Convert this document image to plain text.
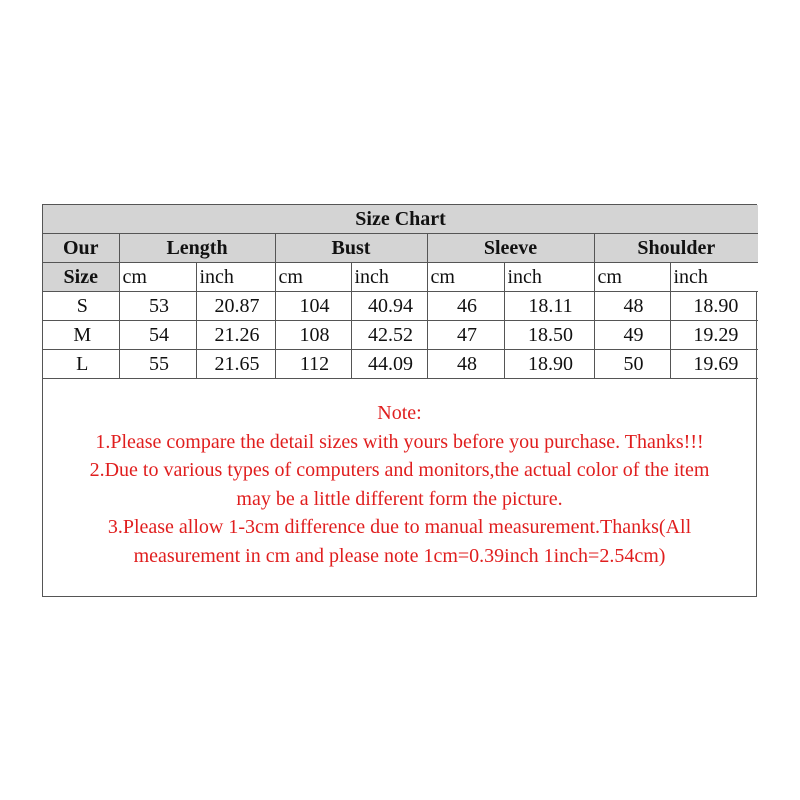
Size Chart								
Our	Length		Bust		Sleeve		Shoulder	
Size	cm	inch	cm	inch	cm	inch	cm	inch
S	53	20.87	104	40.94	46	18.11	48	18.90
M	54	21.26	108	42.52	47	18.50	49	19.29
L	55	21.65	112	44.09	48	18.90	50	19.69
Note:
1.Please compare the detail sizes with yours before you purchase. Thanks!!!
2.Due to various types of computers and monitors,the actual color of the item
may be a little different form the picture.
3.Please allow 1-3cm difference due to manual measurement.Thanks(All
measurement in cm and please note 1cm=0.39inch 1inch=2.54cm)
